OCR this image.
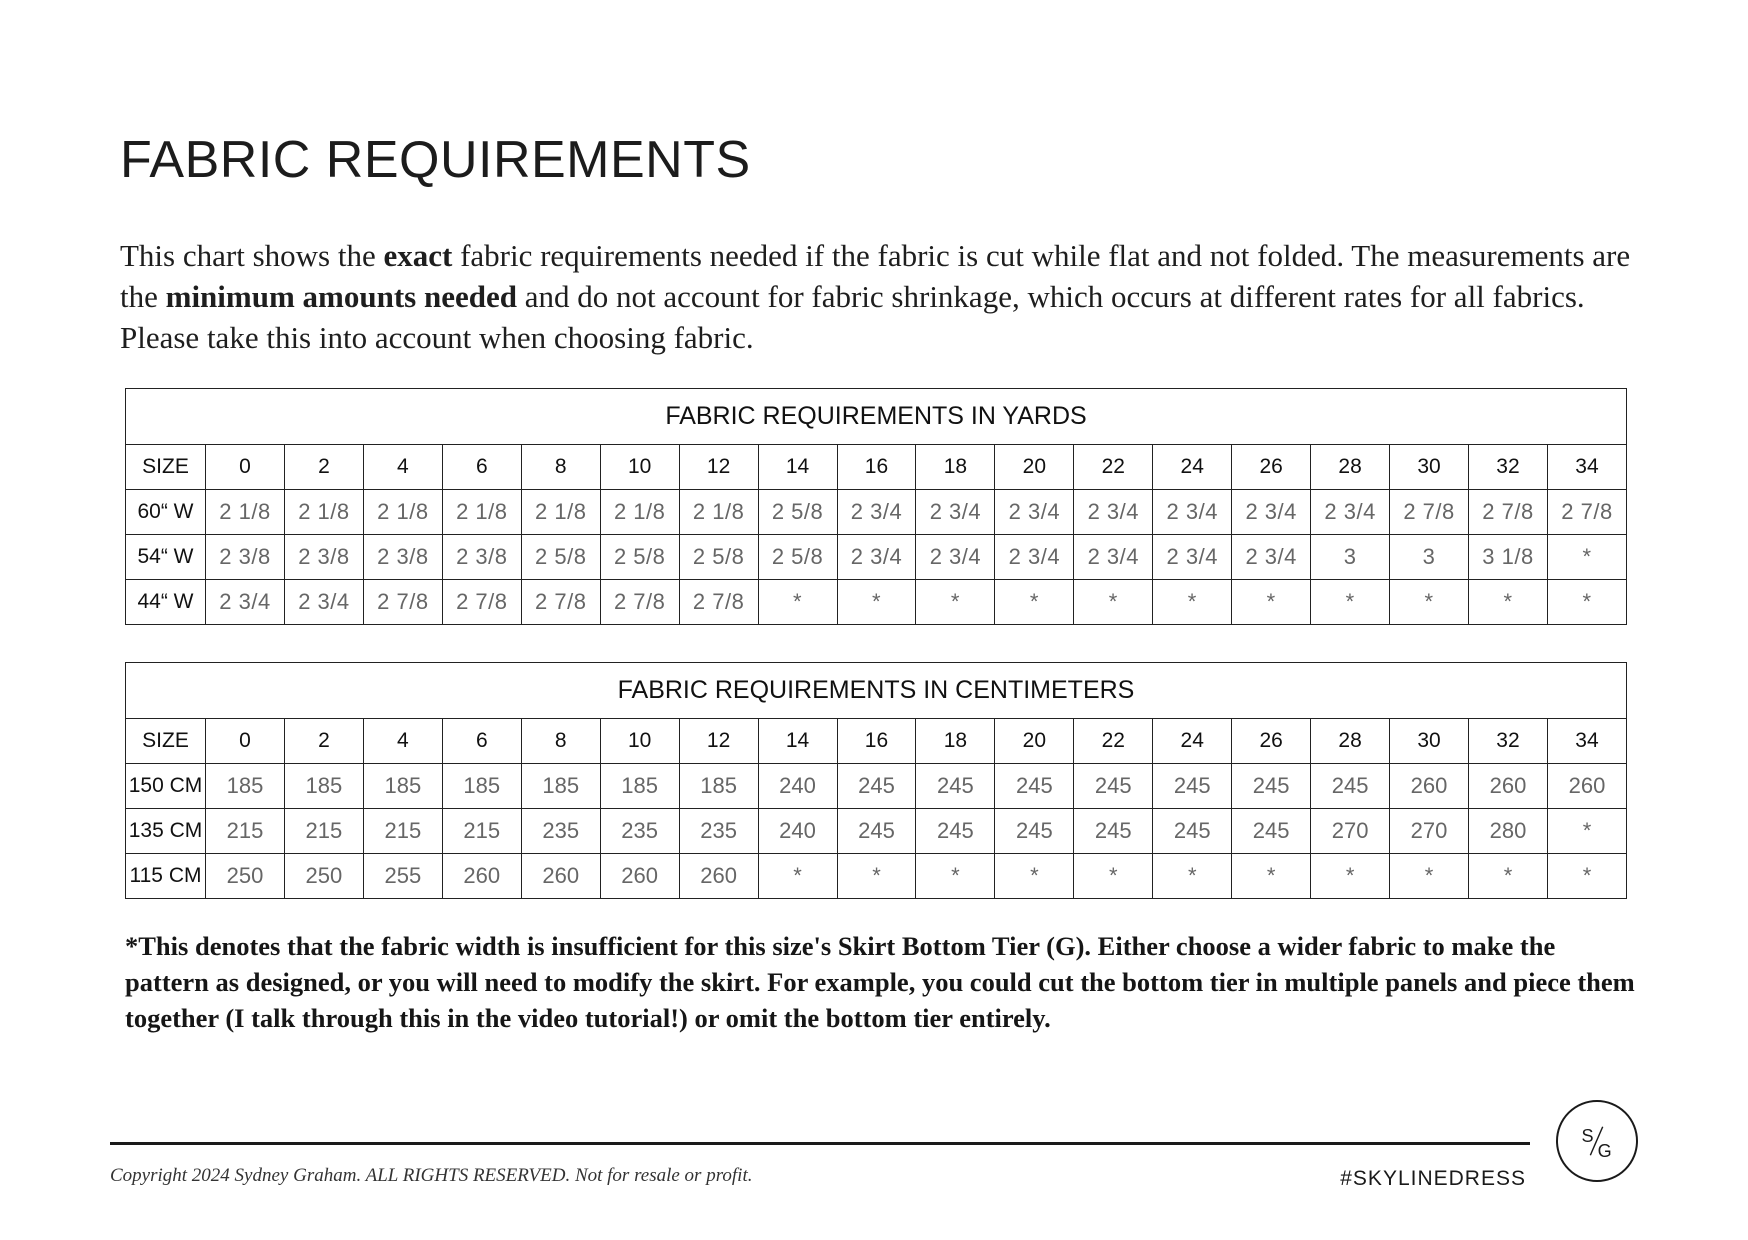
FABRIC REQUIREMENTS

This chart shows the exact fabric requirements needed if the fabric is cut while flat and not folded. The measurements are the minimum amounts needed and do not account for fabric shrinkage, which occurs at different rates for all fabrics. Please take this into account when choosing fabric.

FABRIC REQUIREMENTS IN YARDS																		
SIZE	0	2	4	6	8	10	12	14	16	18	20	22	24	26	28	30	32	34
60“ W	2 1/8	2 1/8	2 1/8	2 1/8	2 1/8	2 1/8	2 1/8	2 5/8	2 3/4	2 3/4	2 3/4	2 3/4	2 3/4	2 3/4	2 3/4	2 7/8	2 7/8	2 7/8
54“ W	2 3/8	2 3/8	2 3/8	2 3/8	2 5/8	2 5/8	2 5/8	2 5/8	2 3/4	2 3/4	2 3/4	2 3/4	2 3/4	2 3/4	3	3	3 1/8	*
44“ W	2 3/4	2 3/4	2 7/8	2 7/8	2 7/8	2 7/8	2 7/8	*	*	*	*	*	*	*	*	*	*	*
FABRIC REQUIREMENTS IN CENTIMETERS																		
SIZE	0	2	4	6	8	10	12	14	16	18	20	22	24	26	28	30	32	34
150 CM	185	185	185	185	185	185	185	240	245	245	245	245	245	245	245	260	260	260
135 CM	215	215	215	215	235	235	235	240	245	245	245	245	245	245	270	270	280	*
115 CM	250	250	255	260	260	260	260	*	*	*	*	*	*	*	*	*	*	*

*This denotes that the fabric width is insufficient for this size's Skirt Bottom Tier (G). Either choose a wider fabric to make the pattern as designed, or you will need to modify the skirt. For example, you could cut the bottom tier in multiple panels and piece them together (I talk through this in the video tutorial!) or omit the bottom tier entirely.

Copyright 2024 Sydney Graham. ALL RIGHTS RESERVED. Not for resale or profit.	#SKYLINEDRESS

S
G
